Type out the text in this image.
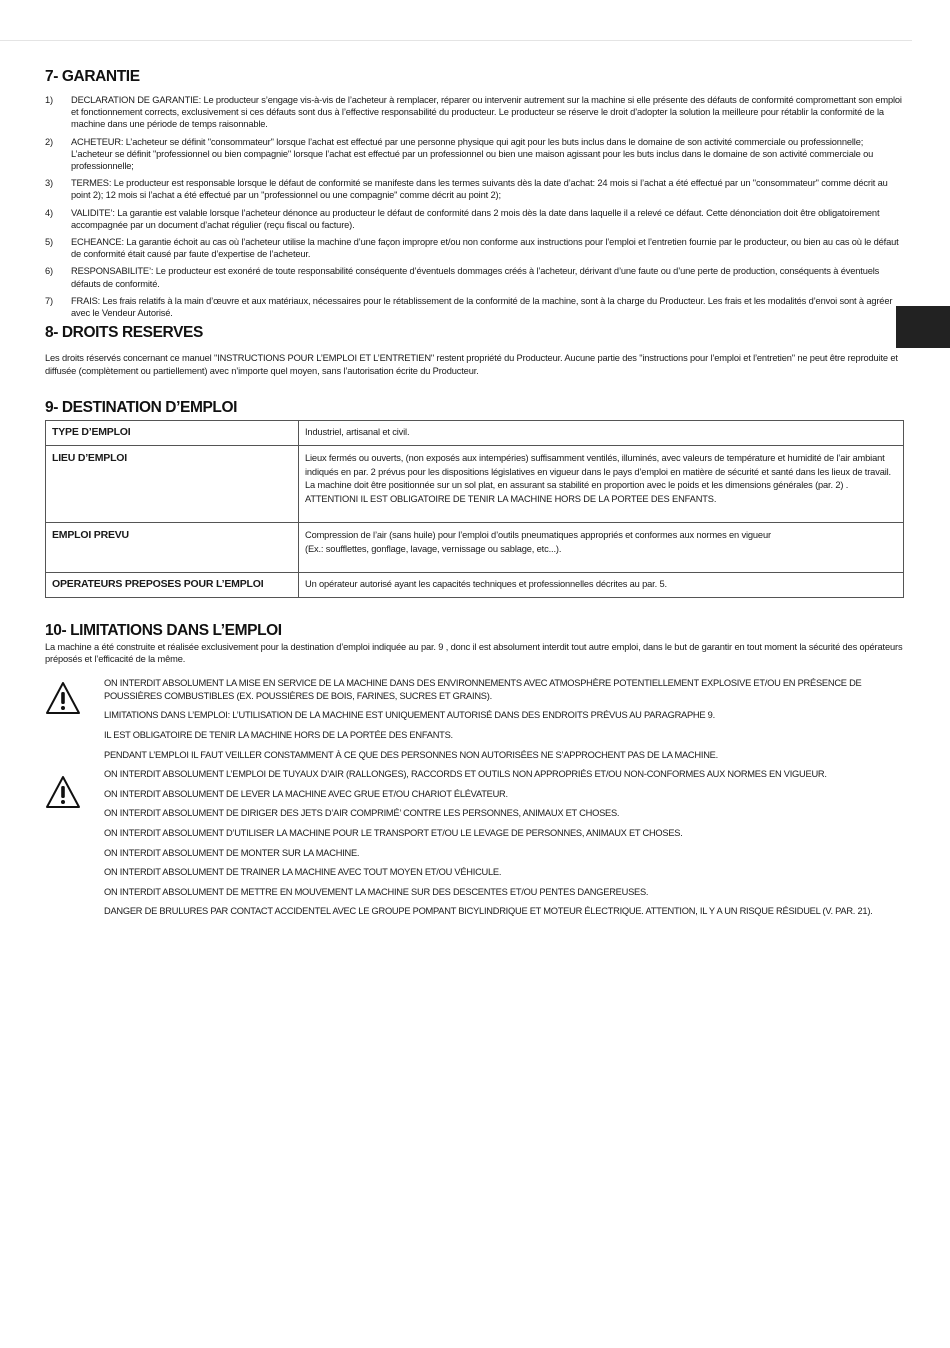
7- GARANTIE
1)	DECLARATION DE GARANTIE: Le producteur s’engage vis-à-vis de l’acheteur à remplacer, réparer ou intervenir autrement sur la machine si elle présente des défauts de conformité compromettant son emploi et fonctionnement corrects, exclusivement si ces défauts sont dus à l’effective responsabilité du producteur. Le producteur se réserve le droit d’adopter la solution la meilleure pour rétablir la conformité de la machine dans une période de temps raisonnable.
2)	ACHETEUR: L’acheteur se définit "consommateur" lorsque l’achat est effectué par une personne physique qui agit pour les buts inclus dans le domaine de son activité commerciale ou professionnelle; L’acheteur se définit "professionnel ou bien compagnie" lorsque l’achat est effectué par un professionnel ou bien une maison agissant pour les buts inclus dans le domaine de son activité commerciale ou professionnelle;
3)	TERMES: Le producteur est responsable lorsque le défaut de conformité se manifeste dans les termes suivants dès la date d’achat: 24 mois si l’achat a été effectué par un "consommateur" comme décrit au point 2); 12 mois si l’achat a été effectué par un "professionnel ou une compagnie" comme décrit au point 2);
4)	VALIDITE’: La garantie est valable lorsque l’acheteur dénonce au producteur le défaut de conformité dans 2 mois dès la date dans laquelle il a relevé ce défaut. Cette dénonciation doit être obligatoirement accompagnée par un document d’achat régulier (reçu fiscal ou facture).
5)	ECHEANCE: La garantie échoit au cas où l’acheteur utilise la machine d’une façon impropre et/ou non conforme aux instructions pour l’emploi et l’entretien fournie par le producteur, ou bien au cas où le défaut de conformité était causé par faute d’expertise de l’acheteur.
6)	RESPONSABILITE’: Le producteur est exonéré de toute responsabilité conséquente d’éventuels dommages créés à l’acheteur, dérivant d’une faute ou d’une perte de production, conséquents à éventuels défauts de conformité.
7)	FRAIS: Les frais relatifs à la main d’œuvre et aux matériaux, nécessaires pour le rétablissement de la conformité de la machine, sont à la charge du Producteur. Les frais et les modalités d’envoi sont à agréer avec le Vendeur Autorisé.
8- DROITS RESERVES

Les droits réservés concernant ce manuel "INSTRUCTIONS POUR L’EMPLOI ET L’ENTRETIEN" restent propriété du Producteur. Aucune partie des "instructions pour l’emploi et l’entretien" ne peut être reproduite et diffusée (complètement ou partiellement) avec n’importe quel moyen, sans l’autorisation écrite du Producteur.

9- DESTINATION D’EMPLOI
TYPE D’EMPLOI	Industriel, artisanal et civil.
LIEU D’EMPLOI	Lieux fermés ou ouverts, (non exposés aux intempéries) suffisamment ventilés, illuminés, avec valeurs de température et humidité de l’air ambiant indiqués en par. 2 prévus pour les dispositions législatives en vigueur dans le pays d’emploi en matière de sécurité et santé dans les lieux de travail. La machine doit être positionnée sur un sol plat, en assurant sa stabilité en proportion avec le poids et les dimensions générales (par. 2) . ATTENTIONI IL EST OBLIGATOIRE DE TENIR LA MACHINE HORS DE LA PORTEE DES ENFANTS.
EMPLOI PREVU	Compression de l’air (sans huile) pour l’emploi d’outils pneumatiques appropriés et conformes aux normes en vigueur
(Ex.: soufflettes, gonflage, lavage, vernissage ou sablage, etc...).

OPERATEURS PREPOSES POUR L’EMPLOI	Un opérateur autorisé ayant les capacités techniques et professionnelles décrites au par. 5.
10- LIMITATIONS DANS L’EMPLOI

La machine a été construite et réalisée exclusivement pour la destination d’emploi indiquée au par. 9 , donc il est absolument interdit tout autre emploi, dans le but de garantir en tout moment la sécurité des opérateurs préposés et l’efficacité de la même.

ON INTERDIT ABSOLUMENT LA MISE EN SERVICE DE LA MACHINE DANS DES ENVIRONNEMENTS AVEC ATMOSPHÈRE POTENTIELLEMENT EXPLOSIVE ET/OU EN PRÉSENCE DE POUSSIÈRES COMBUSTIBLES (EX. POUSSIÈRES DE BOIS, FARINES, SUCRES ET GRAINS).
LIMITATIONS DANS L’EMPLOI: L’UTILISATION DE LA MACHINE EST UNIQUEMENT AUTORISÉ DANS DES ENDROITS PRÉVUS AU PARAGRAPHE 9.
IL EST OBLIGATOIRE DE TENIR LA MACHINE HORS DE LA PORTÉE DES ENFANTS.
PENDANT L’EMPLOI IL FAUT VEILLER CONSTAMMENT À CE QUE DES PERSONNES NON AUTORISÉES NE S’APPROCHENT PAS DE LA MACHINE.
ON INTERDIT ABSOLUMENT L’EMPLOI DE TUYAUX D’AIR (RALLONGES), RACCORDS ET OUTILS NON APPROPRIÉS ET/OU NON-CONFORMES AUX NORMES EN VIGUEUR.
ON INTERDIT ABSOLUMENT DE LEVER LA MACHINE AVEC GRUE ET/OU CHARIOT ÉLÉVATEUR.
ON INTERDIT ABSOLUMENT DE DIRIGER DES JETS D’AIR COMPRIMÉ’ CONTRE LES PERSONNES, ANIMAUX ET CHOSES.
ON INTERDIT ABSOLUMENT D’UTILISER LA MACHINE POUR LE TRANSPORT ET/OU LE LEVAGE DE PERSONNES, ANIMAUX ET CHOSES.
ON INTERDIT ABSOLUMENT DE MONTER SUR LA MACHINE.
ON INTERDIT ABSOLUMENT DE TRAINER LA MACHINE AVEC TOUT MOYEN ET/OU VÉHICULE.
ON INTERDIT ABSOLUMENT DE METTRE EN MOUVEMENT LA MACHINE SUR DES DESCENTES ET/OU PENTES DANGEREUSES.
DANGER DE BRULURES PAR CONTACT ACCIDENTEL AVEC LE GROUPE POMPANT BICYLINDRIQUE ET MOTEUR ÉLECTRIQUE. ATTENTION, IL Y A UN RISQUE RÉSIDUEL (V. PAR. 21).
